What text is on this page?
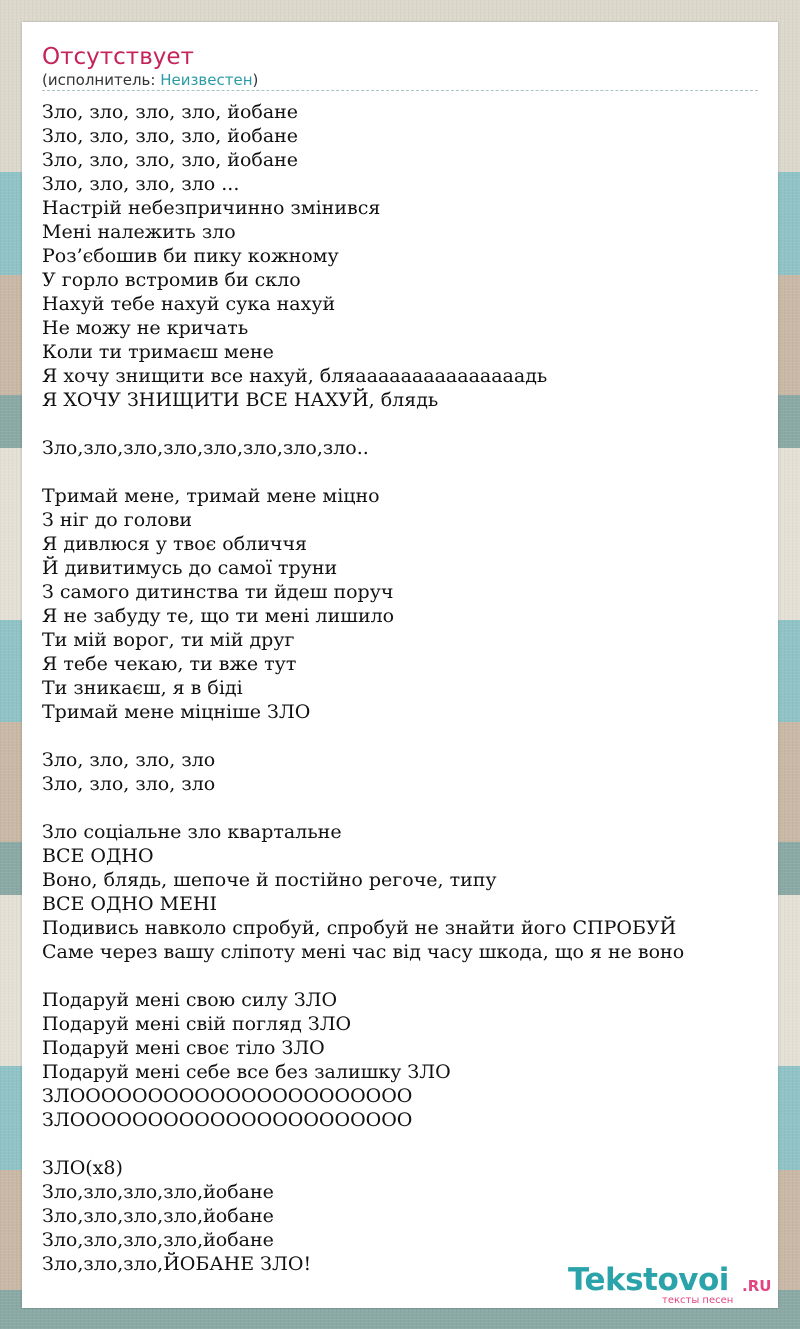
Отсутствует
(исполнитель: Неизвестен)
Зло, зло, зло, зло, йобане
Зло, зло, зло, зло, йобане
Зло, зло, зло, зло, йобане
Зло, зло, зло, зло ...
Настрій небезпричинно змінився
Мені належить зло
Роз’єбошив би пику кожному
У горло встромив би скло
Нахуй тебе нахуй сука нахуй
Не можу не кричать
Коли ти тримаєш мене
Я хочу знищити все нахуй, бляааааааааааааааадь
Я ХОЧУ ЗНИЩИТИ ВСЕ НАХУЙ, блядь
Зло,зло,зло,зло,зло,зло,зло,зло..
Тримай мене, тримай мене міцно
З ніг до голови
Я дивлюся у твоє обличчя
Й дивитимусь до самої труни
З самого дитинства ти йдеш поруч
Я не забуду те, що ти мені лишило
Ти мій ворог, ти мій друг
Я тебе чекаю, ти вже тут
Ти зникаєш, я в біді
Тримай мене міцніше ЗЛО
Зло, зло, зло, зло
Зло, зло, зло, зло
Зло соціальне зло квартальне
ВСЕ ОДНО
Воно, блядь, шепоче й постійно регоче, типу
ВСЕ ОДНО МЕНІ
Подивись навколо спробуй, спробуй не знайти його СПРОБУЙ
Саме через вашу сліпоту мені час від часу шкода, що я не воно
Подаруй мені свою силу ЗЛО
Подаруй мені свій погляд ЗЛО
Подаруй мені своє тіло ЗЛО
Подаруй мені себе все без залишку ЗЛО
ЗЛОООООООООООООООООООООО
ЗЛОООООООООООООООООООООО
ЗЛО(x8)
Зло,зло,зло,зло,йобане
Зло,зло,зло,зло,йобане
Зло,зло,зло,зло,йобане
Зло,зло,зло,ЙОБАНЕ ЗЛО!	Tekstovoi .RU
тексты песен
